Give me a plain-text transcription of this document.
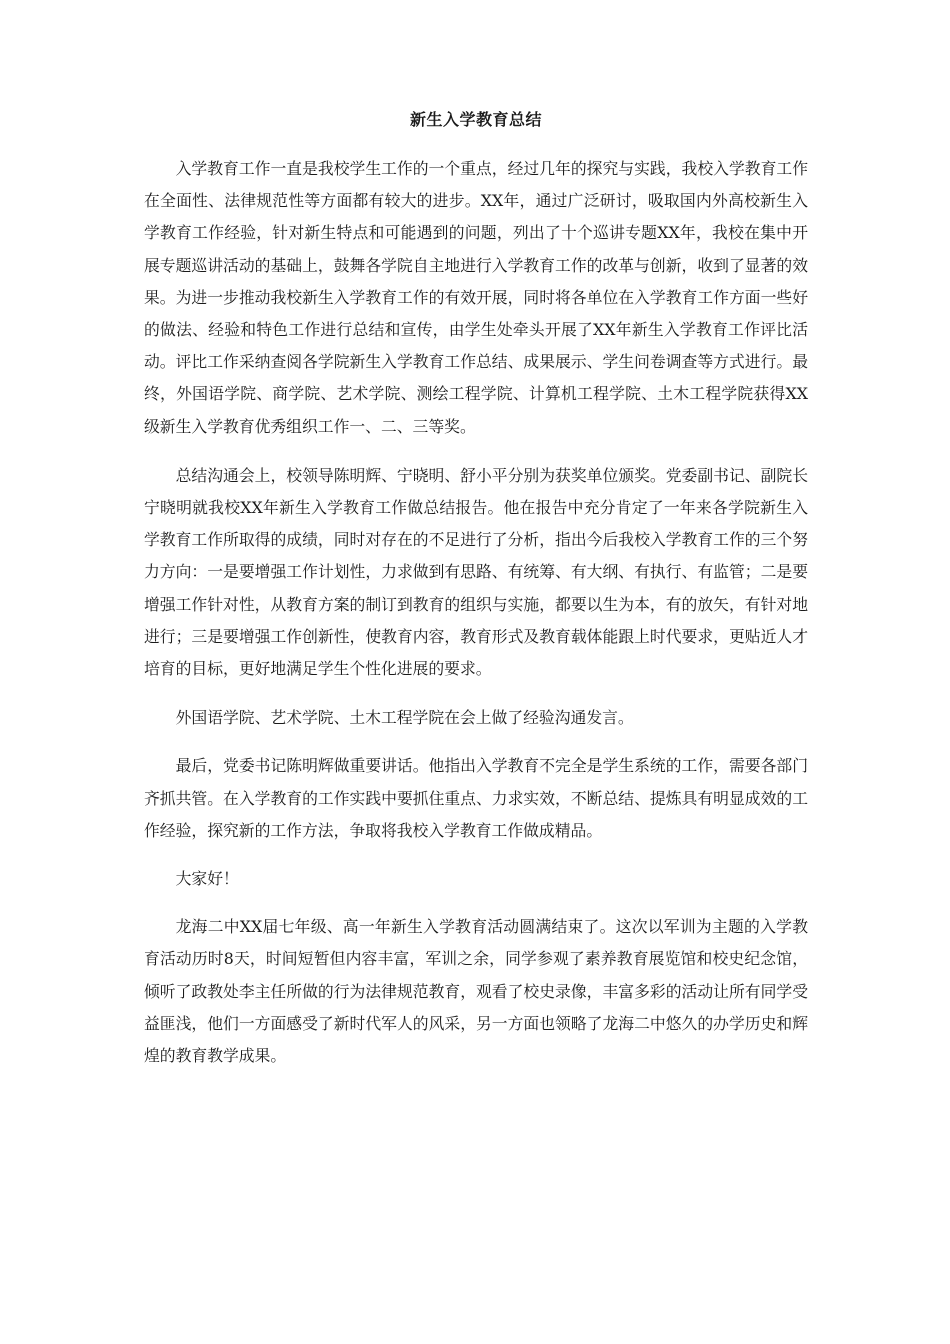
新生入学教育总结

入学教育工作一直是我校学生工作的一个重点，经过几年的探究与实践，我校入学教育工作在全面性、法律规范性等方面都有较大的进步。XX年，通过广泛研讨，吸取国内外高校新生入学教育工作经验，针对新生特点和可能遇到的问题，列出了十个巡讲专题XX年，我校在集中开展专题巡讲活动的基础上，鼓舞各学院自主地进行入学教育工作的改革与创新，收到了显著的效果。为进一步推动我校新生入学教育工作的有效开展，同时将各单位在入学教育工作方面一些好的做法、经验和特色工作进行总结和宣传，由学生处牵头开展了XX年新生入学教育工作评比活动。评比工作采纳查阅各学院新生入学教育工作总结、成果展示、学生问卷调查等方式进行。最终，外国语学院、商学院、艺术学院、测绘工程学院、计算机工程学院、土木工程学院获得XX级新生入学教育优秀组织工作一、二、三等奖。

总结沟通会上，校领导陈明辉、宁晓明、舒小平分别为获奖单位颁奖。党委副书记、副院长宁晓明就我校XX年新生入学教育工作做总结报告。他在报告中充分肯定了一年来各学院新生入学教育工作所取得的成绩，同时对存在的不足进行了分析，指出今后我校入学教育工作的三个努力方向：一是要增强工作计划性，力求做到有思路、有统筹、有大纲、有执行、有监管；二是要增强工作针对性，从教育方案的制订到教育的组织与实施，都要以生为本，有的放矢，有针对地进行；三是要增强工作创新性，使教育内容，教育形式及教育载体能跟上时代要求，更贴近人才培育的目标，更好地满足学生个性化进展的要求。

外国语学院、艺术学院、土木工程学院在会上做了经验沟通发言。

最后，党委书记陈明辉做重要讲话。他指出入学教育不完全是学生系统的工作，需要各部门齐抓共管。在入学教育的工作实践中要抓住重点、力求实效，不断总结、提炼具有明显成效的工作经验，探究新的工作方法，争取将我校入学教育工作做成精品。

大家好！

龙海二中XX届七年级、高一年新生入学教育活动圆满结束了。这次以军训为主题的入学教育活动历时8天，时间短暂但内容丰富，军训之余，同学参观了素养教育展览馆和校史纪念馆，倾听了政教处李主任所做的行为法律规范教育，观看了校史录像，丰富多彩的活动让所有同学受益匪浅，他们一方面感受了新时代军人的风采，另一方面也领略了龙海二中悠久的办学历史和辉煌的教育教学成果。
